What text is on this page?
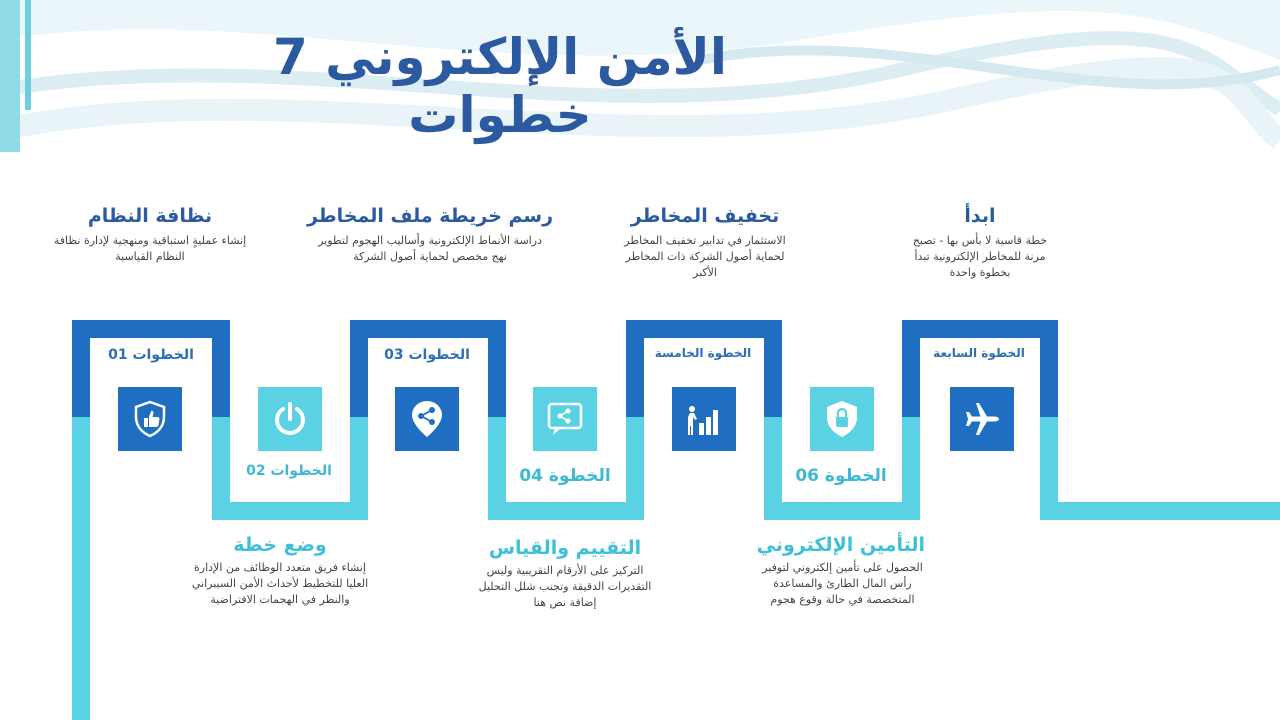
الأمن الإلكتروني 7 خطوات
نظافة النظام
إنشاء عمليةٍ استباقية ومنهجية لإدارة نظافة النظام القياسية
رسم خريطة ملف المخاطر
دراسة الأنماط الإلكترونية وأساليب الهجوم لتطوير نهج مخصص لحماية أصول الشركة
تخفيف المخاطر
الاستثمار في تدابير تخفيف المخاطر لحماية أصول الشركة ذات المخاطر الأكبر
ابدأ
خطة قاسية لا بأس بها - تصبح مرنة للمخاطر الإلكترونية تبدأ بخطوة واحدة
وضع خطة
إنشاء فريق متعدد الوظائف من الإدارة العليا للتخطيط لأحداث الأمن السيبراني والنظر في الهجمات الافتراضية
التقييم والقياس
التركيز على الأرقام التقريبية وليس التقديرات الدقيقة وتجنب شلل التحليل إضافة نص هنا
التأمين الإلكتروني
الحصول على تأمين إلكتروني لتوفير رأس المال الطارئ والمساعدة المتخصصة في حالة وقوع هجوم
الخطوات 01
الخطوات 02
الخطوات 03
الخطوة 04
الخطوة الخامسة
الخطوة 06
الخطوة السابعة
